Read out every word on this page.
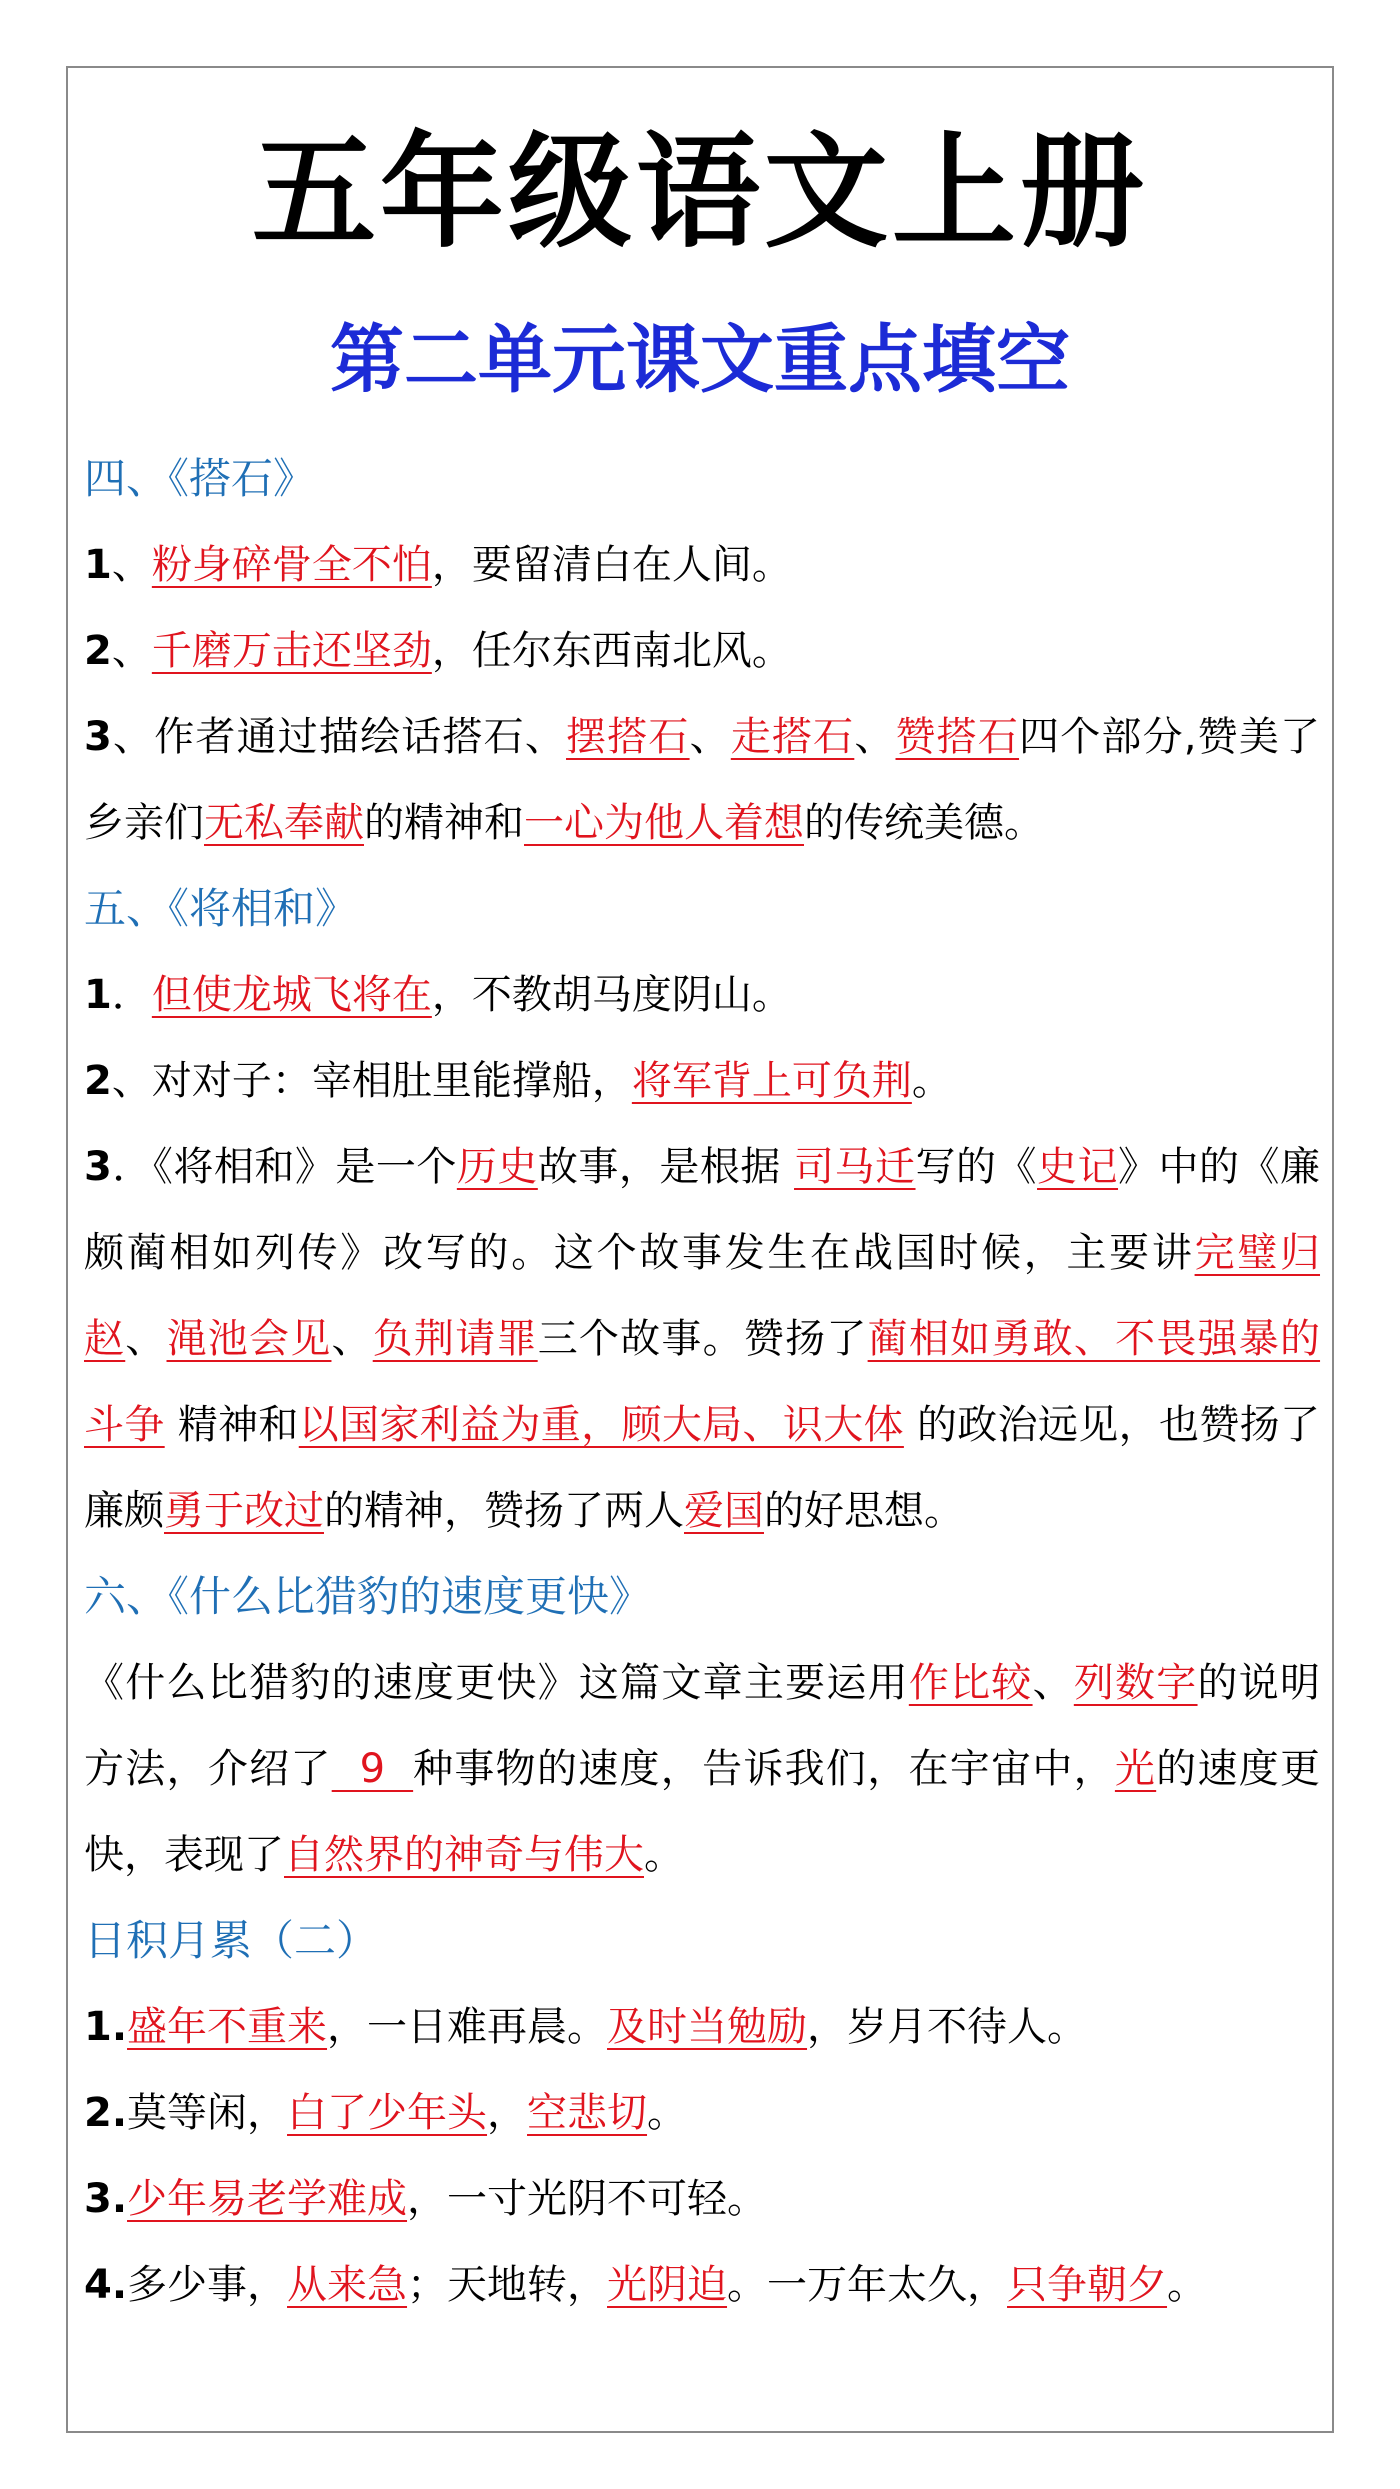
五年级语文上册
第二单元课文重点填空
四、《搭石》
1、粉身碎骨全不怕，要留清白在人间。
2、千磨万击还坚劲，任尔东西南北风。
3、作者通过描绘话搭石、摆搭石、走搭石、赞搭石四个部分,赞美了乡亲们无私奉献的精神和一心为他人着想的传统美德。
五、《将相和》
1．但使龙城飞将在，不教胡马度阴山。
2、对对子：宰相肚里能撑船，将军背上可负荆。
3．《将相和》是一个历史故事，是根据 司马迁写的《史记》中的《廉颇蔺相如列传》改写的。这个故事发生在战国时候，主要讲完璧归赵、渑池会见、负荆请罪三个故事。赞扬了蔺相如勇敢、不畏强暴的斗争 精神和以国家利益为重，顾大局、识大体 的政治远见，也赞扬了廉颇勇于改过的精神，赞扬了两人爱国的好思想。
六、《什么比猎豹的速度更快》
《什么比猎豹的速度更快》这篇文章主要运用作比较、列数字的说明方法，介绍了  9  种事物的速度，告诉我们，在宇宙中，光的速度更快，表现了自然界的神奇与伟大。
日积月累（二）
1.盛年不重来，一日难再晨。及时当勉励，岁月不待人。
2.莫等闲，白了少年头，空悲切。
3.少年易老学难成，一寸光阴不可轻。
4.多少事，从来急；天地转，光阴迫。一万年太久，只争朝夕。
